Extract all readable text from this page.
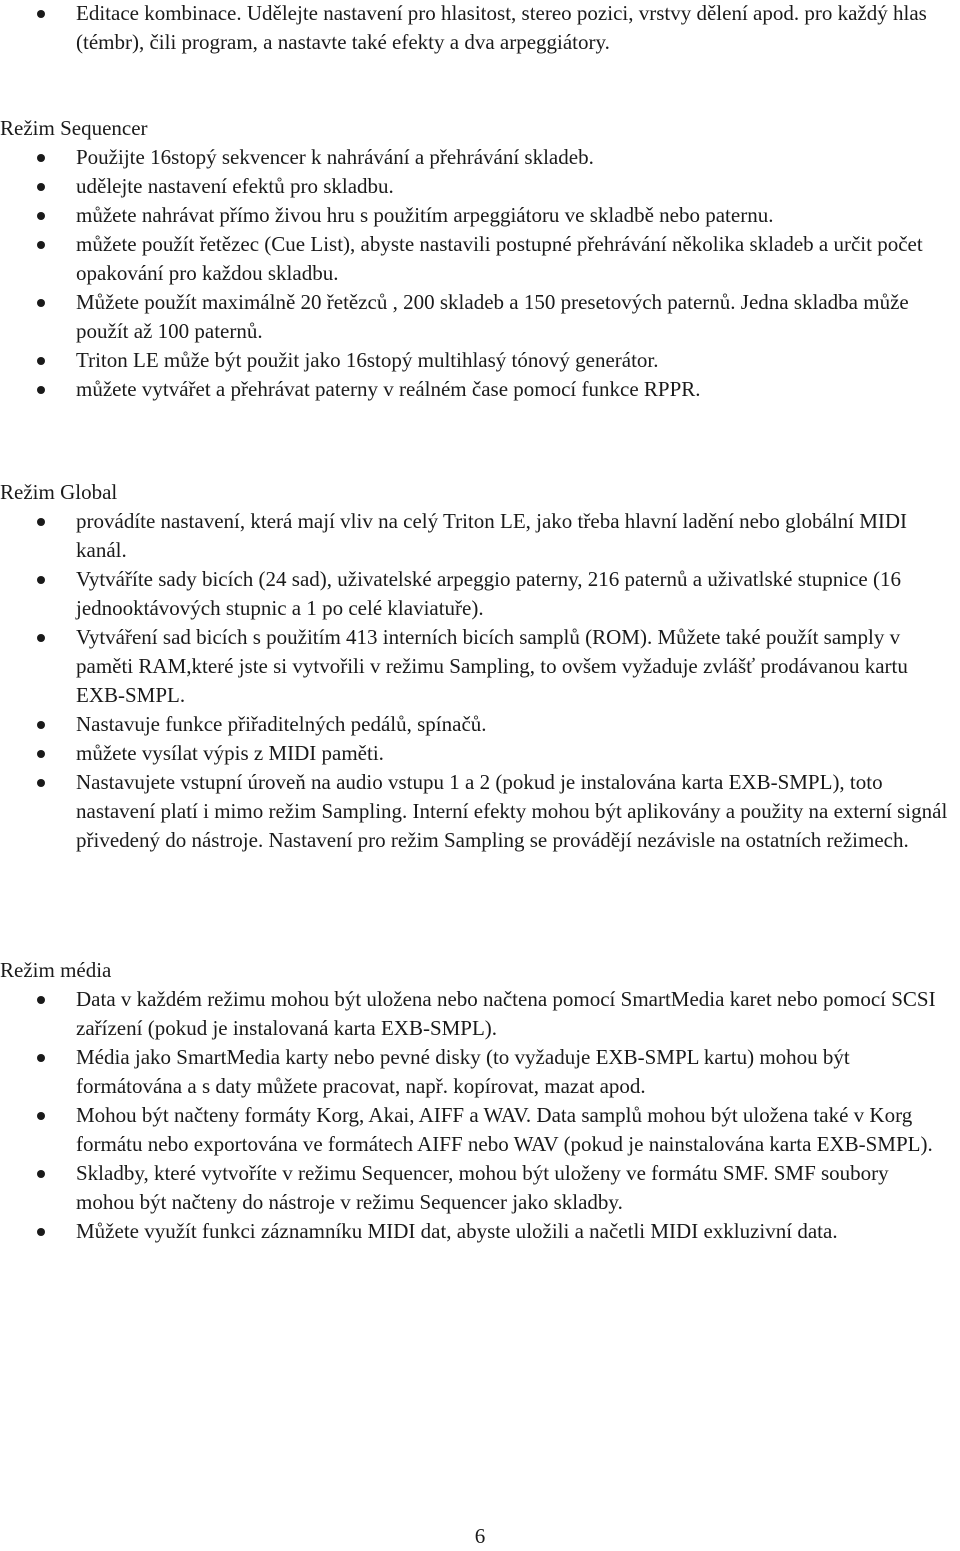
Editace kombinace. Udělejte nastavení pro hlasitost, stereo pozici, vrstvy dělení apod. pro každý hlas (témbr), čili program, a nastavte také efekty a dva arpeggiátory.

Režim Sequencer

Použijte 16stopý sekvencer k nahrávání a přehrávání skladeb.
udělejte nastavení efektů pro skladbu.
můžete nahrávat přímo živou hru s použitím arpeggiátoru ve skladbě nebo paternu.
můžete použít řetězec (Cue List), abyste nastavili postupné přehrávání několika skladeb a určit počet opakování pro každou skladbu.
Můžete použít maximálně 20 řetězců , 200 skladeb a 150 presetových paternů. Jedna skladba může použít až 100 paternů.
Triton LE může být použit jako 16stopý multihlasý tónový generátor.
můžete vytvářet a přehrávat paterny v reálném čase pomocí funkce RPPR.

Režim Global

provádíte nastavení, která mají vliv na celý Triton LE, jako třeba hlavní ladění nebo globální MIDI kanál.
Vytváříte sady bicích (24 sad), uživatelské arpeggio paterny, 216 paternů a uživatlské stupnice (16 jednooktávových stupnic a 1 po celé klaviatuře).
Vytváření sad bicích s použitím 413 interních bicích samplů (ROM). Můžete také použít samply v paměti RAM,které jste si vytvořili v režimu Sampling, to ovšem vyžaduje zvlášť prodávanou kartu EXB-SMPL.
Nastavuje funkce přiřaditelných pedálů, spínačů.
můžete vysílat výpis z MIDI paměti.
Nastavujete vstupní úroveň na audio vstupu 1 a 2 (pokud je instalována karta EXB-SMPL), toto nastavení platí i mimo režim Sampling. Interní efekty mohou být aplikovány a použity na externí signál přivedený do nástroje. Nastavení pro režim Sampling se provádějí nezávisle na ostatních režimech.

Režim média

Data v každém režimu mohou být uložena nebo načtena pomocí SmartMedia karet nebo pomocí SCSI zařízení (pokud je instalovaná karta EXB-SMPL).
Média jako SmartMedia karty nebo pevné disky (to vyžaduje EXB-SMPL kartu) mohou být formátována a s daty můžete pracovat, např. kopírovat, mazat apod.
Mohou být načteny formáty Korg, Akai, AIFF a WAV. Data samplů mohou být uložena také v Korg formátu nebo exportována ve formátech AIFF nebo WAV (pokud je nainstalována karta EXB-SMPL).
Skladby, které vytvoříte v režimu Sequencer, mohou být uloženy ve formátu SMF. SMF soubory mohou být načteny do nástroje v režimu Sequencer jako skladby.
Můžete využít funkci záznamníku MIDI dat, abyste uložili a načetli MIDI exkluzivní data.
6
